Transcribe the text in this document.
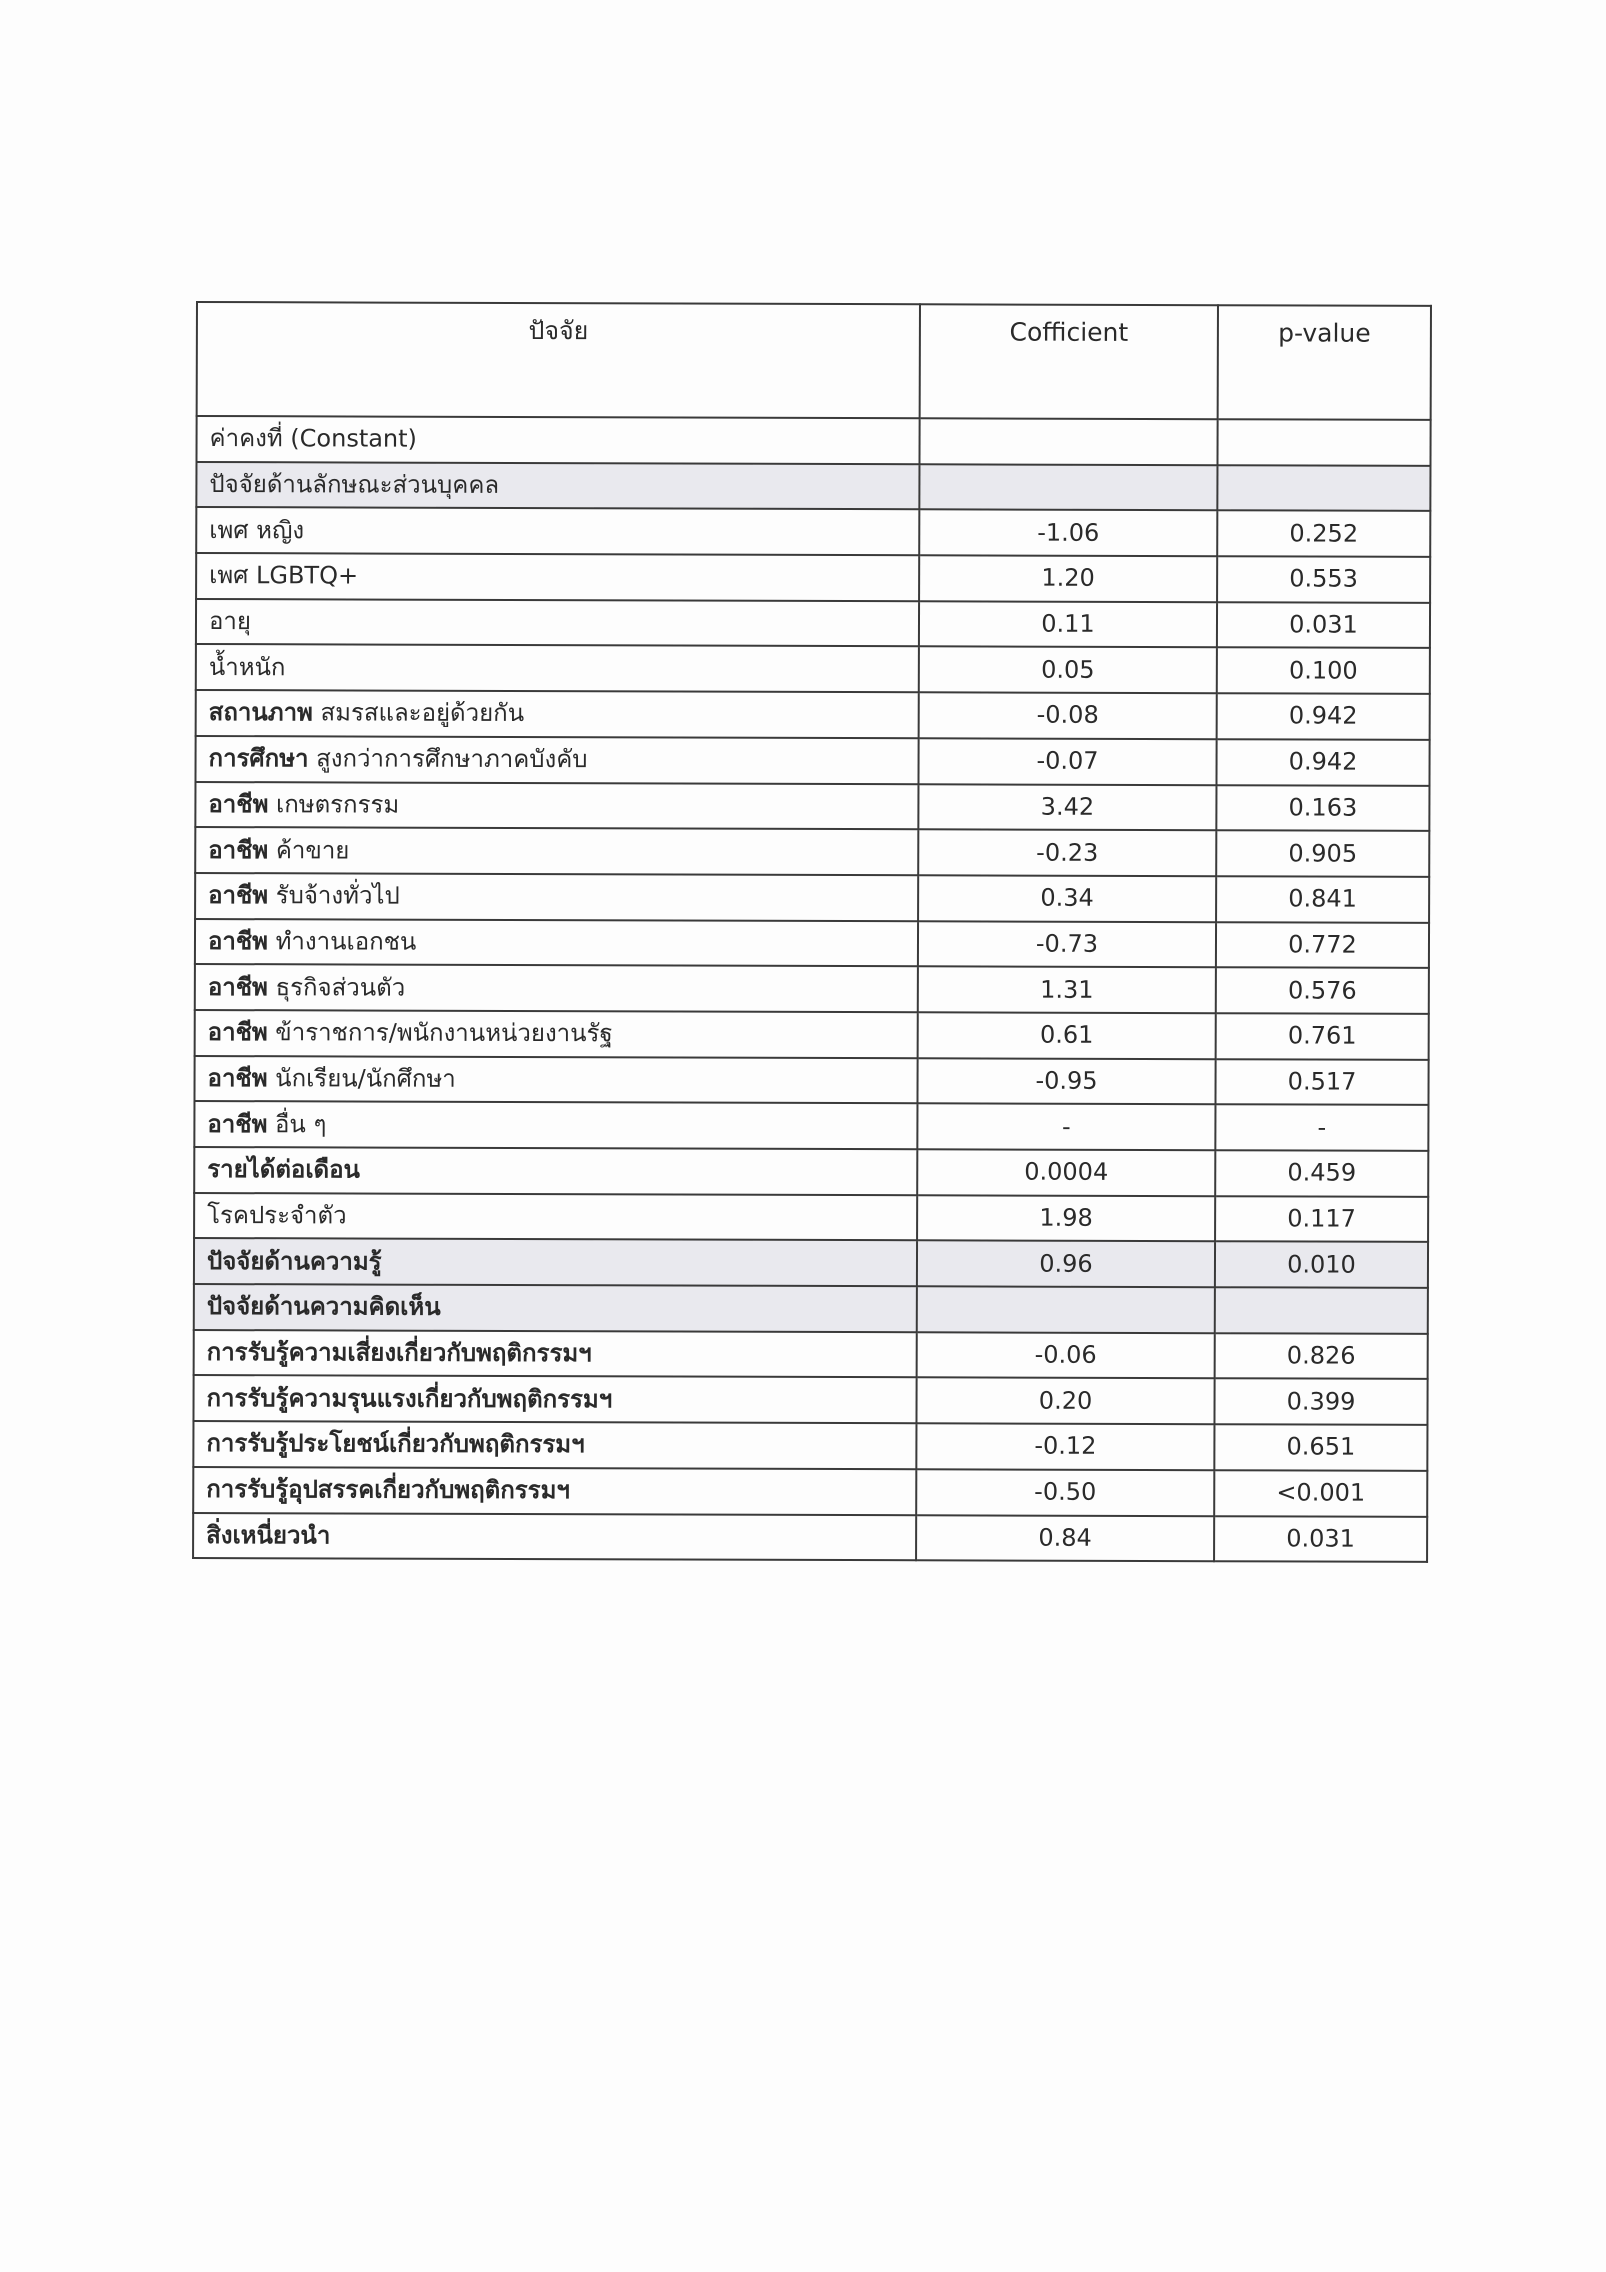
ปัจจัย	Cofficient	p-value
ค่าคงที่ (Constant)		
ปัจจัยด้านลักษณะส่วนบุคคล		
เพศ หญิง	-1.06	0.252
เพศ LGBTQ+	1.20	0.553
อายุ	0.11	0.031
น้ำหนัก	0.05	0.100
สถานภาพ สมรสและอยู่ด้วยกัน	-0.08	0.942
การศึกษา สูงกว่าการศึกษาภาคบังคับ	-0.07	0.942
อาชีพ เกษตรกรรม	3.42	0.163
อาชีพ ค้าขาย	-0.23	0.905
อาชีพ รับจ้างทั่วไป	0.34	0.841
อาชีพ ทำงานเอกชน	-0.73	0.772
อาชีพ ธุรกิจส่วนตัว	1.31	0.576
อาชีพ ข้าราชการ/พนักงานหน่วยงานรัฐ	0.61	0.761
อาชีพ นักเรียน/นักศึกษา	-0.95	0.517
อาชีพ อื่น ๆ	-	-
รายได้ต่อเดือน	0.0004	0.459
โรคประจำตัว	1.98	0.117
ปัจจัยด้านความรู้	0.96	0.010
ปัจจัยด้านความคิดเห็น		
การรับรู้ความเสี่ยงเกี่ยวกับพฤติกรรมฯ	-0.06	0.826
การรับรู้ความรุนแรงเกี่ยวกับพฤติกรรมฯ	0.20	0.399
การรับรู้ประโยชน์เกี่ยวกับพฤติกรรมฯ	-0.12	0.651
การรับรู้อุปสรรคเกี่ยวกับพฤติกรรมฯ	-0.50	<0.001
สิ่งเหนี่ยวนำ	0.84	0.031
